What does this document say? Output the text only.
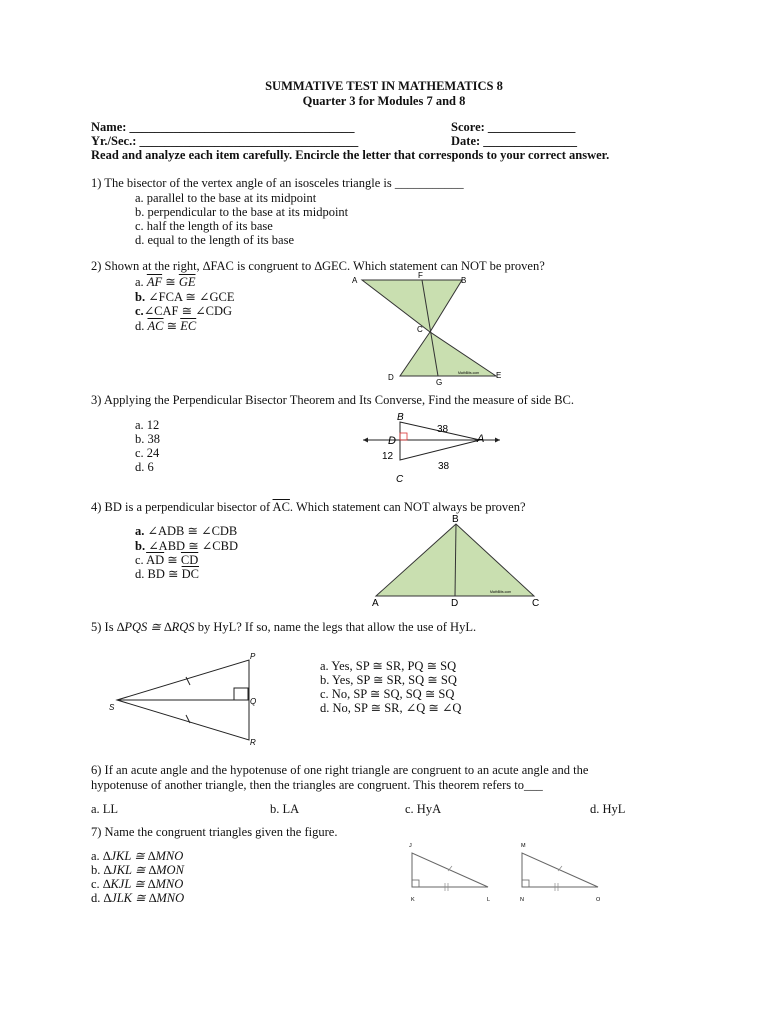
SUMMATIVE TEST IN MATHEMATICS 8
Quarter 3 for Modules 7 and 8
Name: ____________________________________	Score: ______________
Yr./Sec.: ___________________________________	Date: _______________
Read and analyze each item carefully. Encircle the letter that corresponds to your correct answer.
1) The bisector of the vertex angle of an isosceles triangle is ___________
a. parallel to the base at its midpoint
b. perpendicular to the base at its midpoint
c. half the length of its base
d. equal to the length of its base
2) Shown at the right, ∆FAC is congruent to ∆GEC. Which statement can NOT be proven?
a. $\overline{AF}$ ≅ $\overline{GE}$
b. ∠FCA ≅ ∠GCE
c.∠CAF ≅ ∠CDG
d. $\overline{AC}$ ≅ $\overline{EC}$
A
F
B
C
D
G
E
MathBits.com
3) Applying the Perpendicular Bisector Theorem and Its Converse, Find the measure of side BC.
a. 12
b. 38
c. 24
d. 6
B
D	A
C
38
38
12
4) BD is a perpendicular bisector of $\overline{AC}$. Which statement can NOT always be proven?
a. ∠ADB ≅ ∠CDB
b. ∠ABD ≅ ∠CBD
c. $\overline{AD}$ ≅ $\overline{CD}$
d. BD ≅ $\overline{DC}$
B
A	D	C
MathBits.com
5) Is ∆PQS ≅ ∆RQS by HyL? If so, name the legs that allow the use of HyL.
a. Yes, SP ≅ SR, PQ ≅ SQ
b. Yes, SP ≅ SR, SQ ≅ SQ
c. No, SP ≅ SQ, SQ ≅ SQ
d. No, SP ≅ SR, ∠Q ≅ ∠Q
P
Q
S
R
6) If an acute angle and the hypotenuse of one right triangle are congruent to an acute angle and the
hypotenuse of another triangle, then the triangles are congruent. This theorem refers to___
a. LL	b. LA	c. HyA	d. HyL
7) Name the congruent triangles given the figure.
a. ∆JKL ≅ ∆MNO
b. ∆JKL ≅ ∆MON
c. ∆KJL ≅ ∆MNO
d. ∆JLK ≅ ∆MNO
J
K	L
M
N	O
